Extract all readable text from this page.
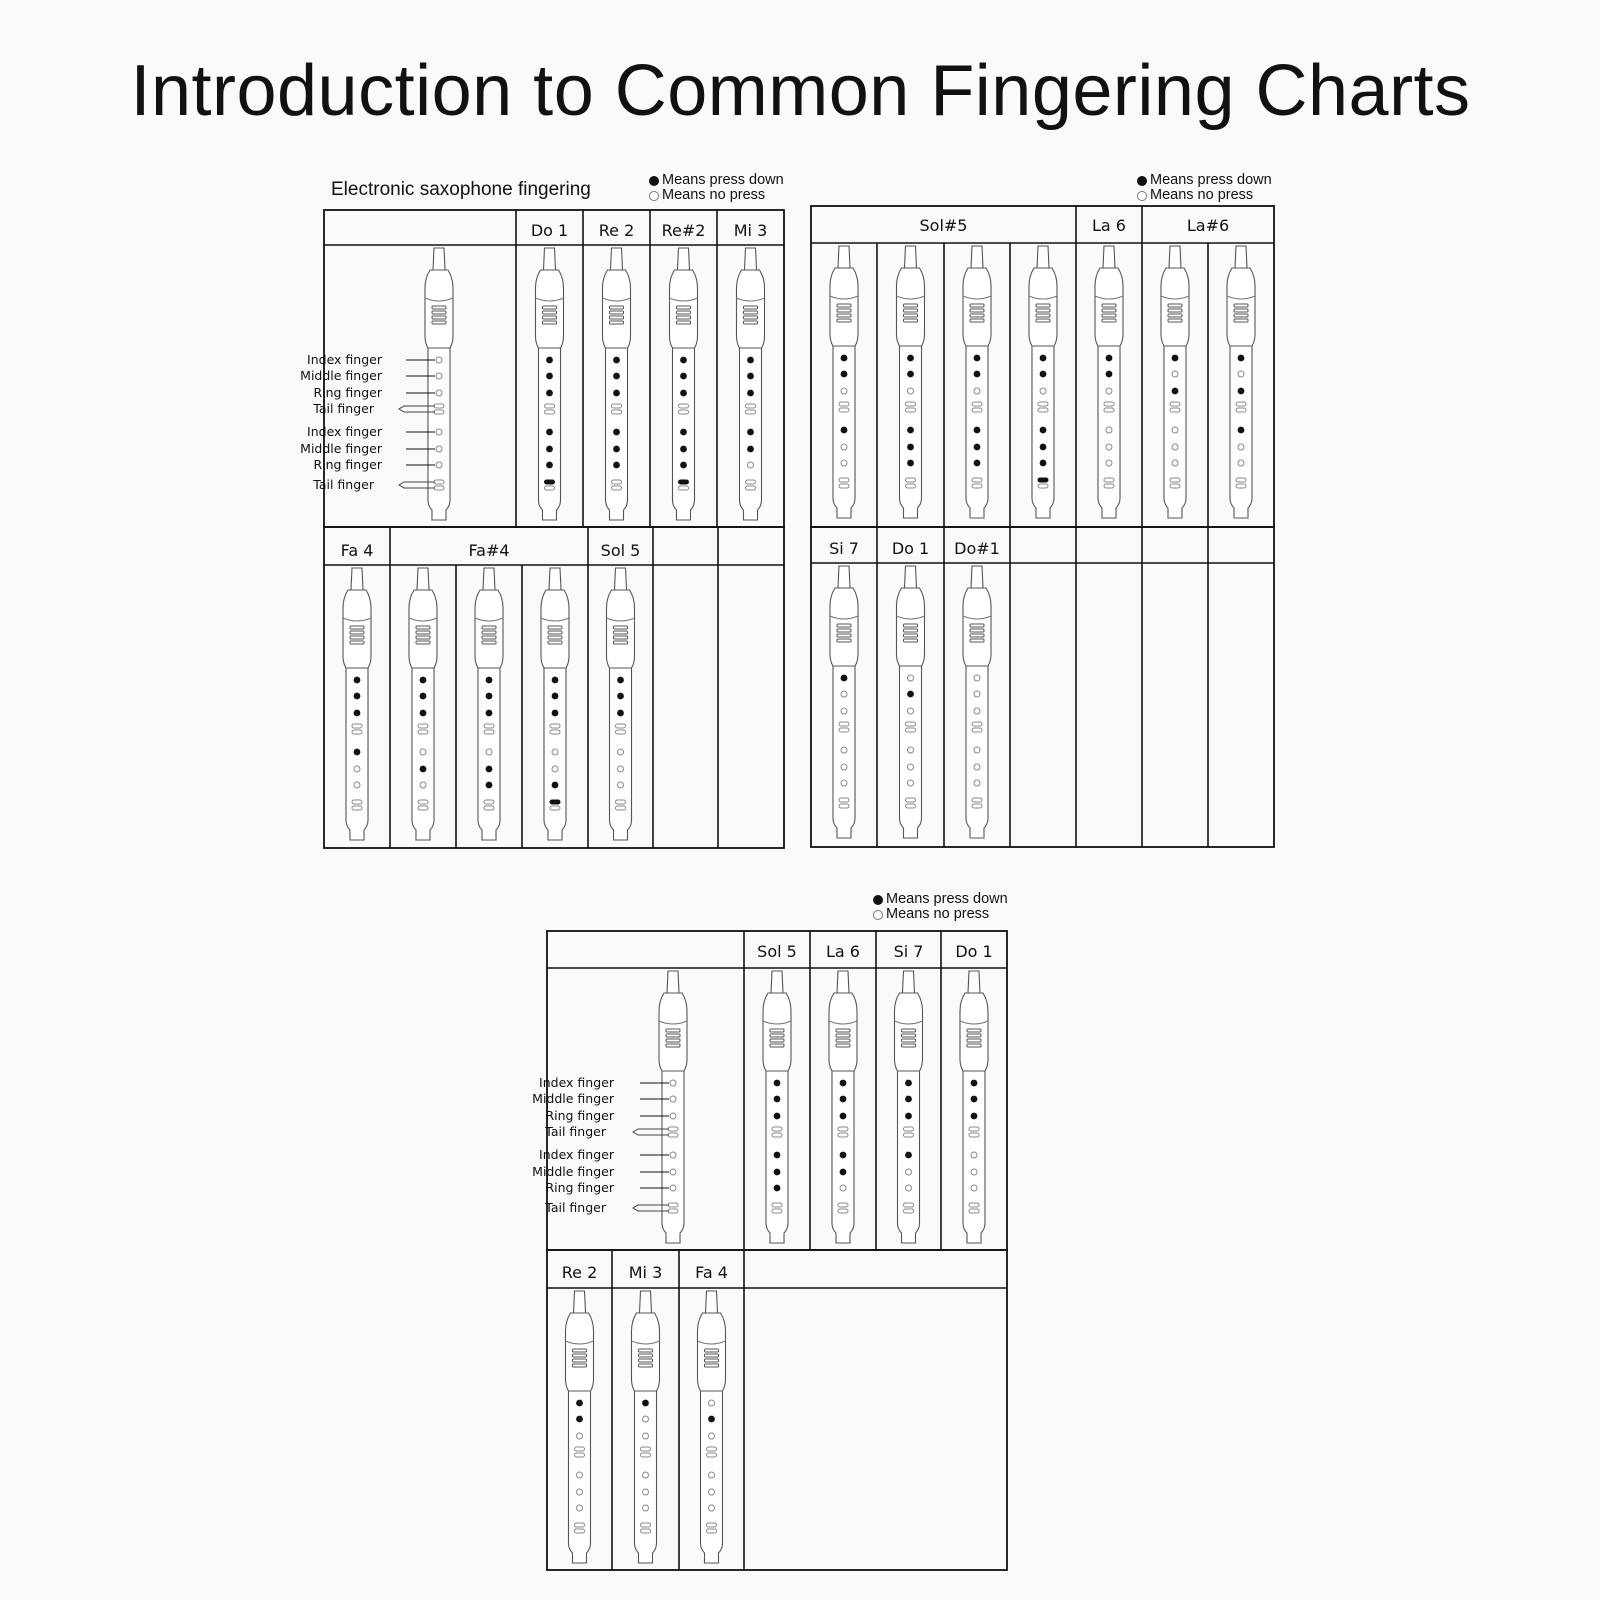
Introduction to Common Fingering Charts
Electronic saxophone fingering	Means press down
Means no press
Means press down
Means no press
Means press down
Means no press
Do 1 Re 2 Re#2 Mi 3
Index finger
Middle finger
Ring finger
Tail finger
Index finger
Middle finger
Ring finger
Tail finger
Fa 4	Fa#4	Sol 5
Sol#5	La 6	La#6
Si 7 Do 1 Do#1
Sol 5 La 6 Si 7 Do 1
Index finger
Middle finger
Ring finger
Tail finger
Index finger
Middle finger
Ring finger
Tail finger
Re 2 Mi 3 Fa 4
